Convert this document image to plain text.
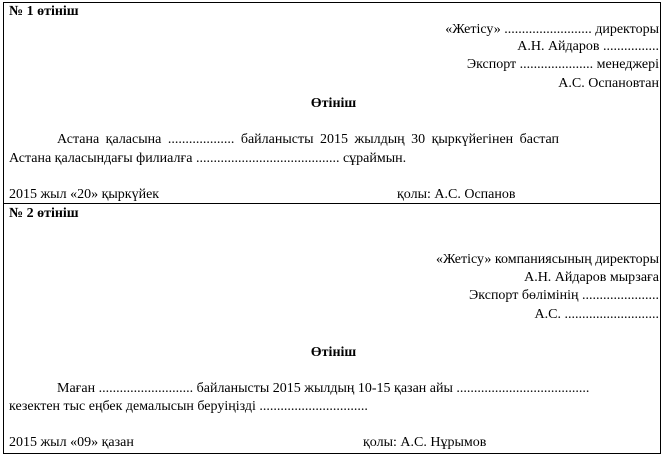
№ 1 өтініш
«Жетісу» ......................... директоры
А.Н. Айдаров ................
Экспорт ..................... менеджері
А.С. Оспановтан
Өтініш
Астана қаласына ................... байланысты 2015 жылдың 30 қыркүйегінен бастап
Астана қаласындағы филиалға ......................................... сұраймын.
2015 жыл «20» қыркүйек	қолы: А.С. Оспанов
№ 2 өтініш
«Жетісу» компаниясының директоры
А.Н. Айдаров мырзаға
Экспорт бөлімінің ......................
А.С. ...........................
Өтініш
Маған ........................... байланысты 2015 жылдың 10-15 қазан айы ......................................
кезектен тыс еңбек демалысын беруіңізді ...............................
2015 жыл «09» қазан	қолы: А.С. Нұрымов
